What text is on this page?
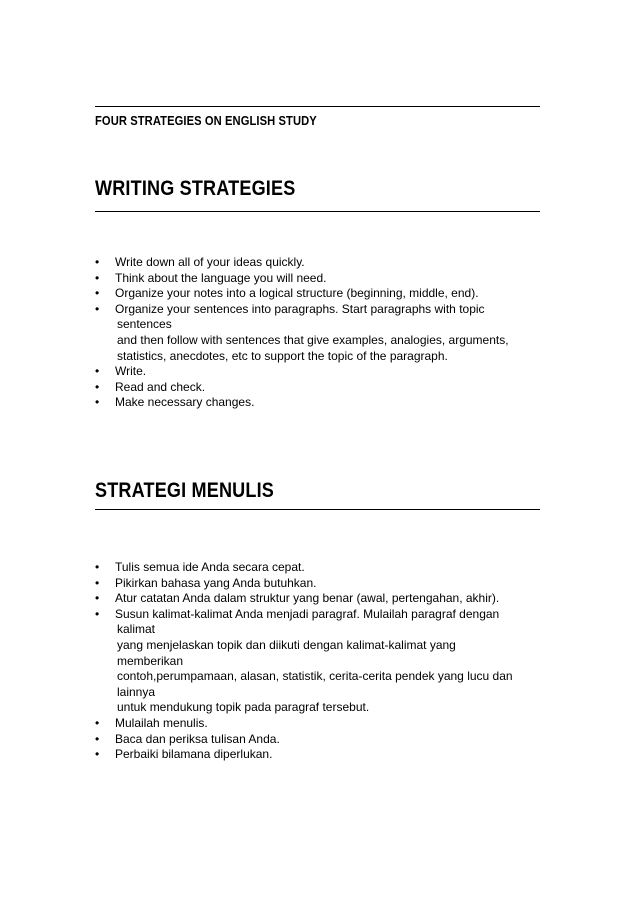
FOUR STRATEGIES ON ENGLISH STUDY
WRITING STRATEGIES
• Write down all of your ideas quickly.
• Think about the language you will need.
• Organize your notes into a logical structure (beginning, middle, end).
• Organize your sentences into paragraphs. Start paragraphs with topic
sentences
and then follow with sentences that give examples, analogies, arguments,
statistics, anecdotes, etc to support the topic of the paragraph.
• Write.
• Read and check.
• Make necessary changes.
STRATEGI MENULIS
• Tulis semua ide Anda secara cepat.
• Pikirkan bahasa yang Anda butuhkan.
• Atur catatan Anda dalam struktur yang benar (awal, pertengahan, akhir).
• Susun kalimat-kalimat Anda menjadi paragraf. Mulailah paragraf dengan
kalimat
yang menjelaskan topik dan diikuti dengan kalimat-kalimat yang
memberikan
contoh,perumpamaan, alasan, statistik, cerita-cerita pendek yang lucu dan
lainnya
untuk mendukung topik pada paragraf tersebut.
• Mulailah menulis.
• Baca dan periksa tulisan Anda.
• Perbaiki bilamana diperlukan.
